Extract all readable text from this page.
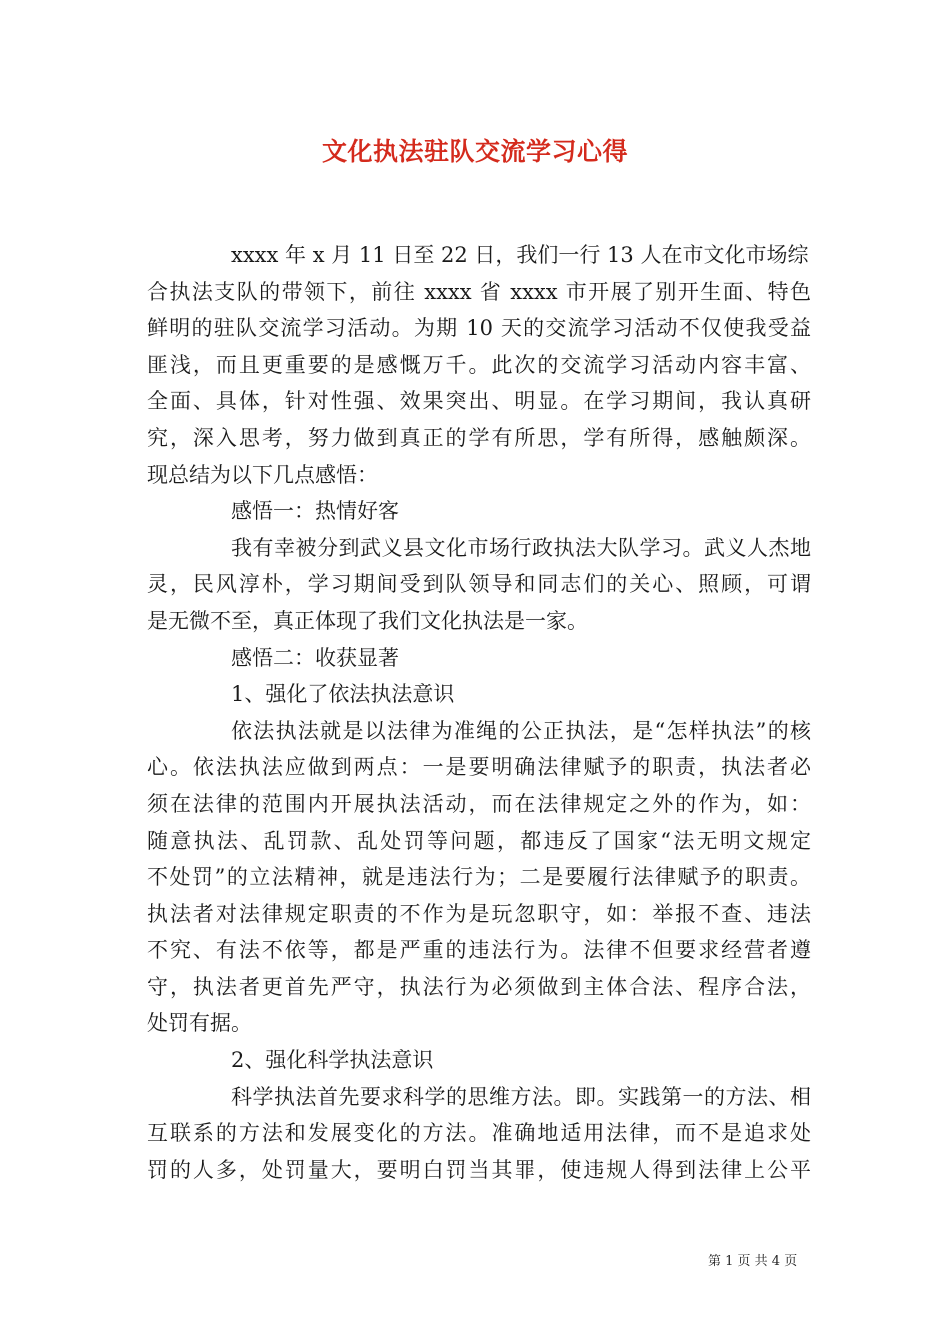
文化执法驻队交流学习心得
xxxx 年 x 月 11 日至 22 日，我们一行 13 人在市文化市场综
合执法支队的带领下，前往 xxxx 省 xxxx 市开展了别开生面、特色
鲜明的驻队交流学习活动。为期 10 天的交流学习活动不仅使我受益
匪浅，而且更重要的是感慨万千。此次的交流学习活动内容丰富、
全面、具体，针对性强、效果突出、明显。在学习期间，我认真研
究，深入思考，努力做到真正的学有所思，学有所得，感触颇深。
现总结为以下几点感悟：
感悟一：热情好客
我有幸被分到武义县文化市场行政执法大队学习。武义人杰地
灵，民风淳朴，学习期间受到队领导和同志们的关心、照顾，可谓
是无微不至，真正体现了我们文化执法是一家。
感悟二：收获显著
1、强化了依法执法意识
依法执法就是以法律为准绳的公正执法，是“怎样执法”的核
心。依法执法应做到两点：一是要明确法律赋予的职责，执法者必
须在法律的范围内开展执法活动，而在法律规定之外的作为，如：
随意执法、乱罚款、乱处罚等问题，都违反了国家“法无明文规定
不处罚”的立法精神，就是违法行为；二是要履行法律赋予的职责。
执法者对法律规定职责的不作为是玩忽职守，如：举报不查、违法
不究、有法不依等，都是严重的违法行为。法律不但要求经营者遵
守，执法者更首先严守，执法行为必须做到主体合法、程序合法，
处罚有据。
2、强化科学执法意识
科学执法首先要求科学的思维方法。即。实践第一的方法、相
互联系的方法和发展变化的方法。准确地适用法律，而不是追求处
罚的人多，处罚量大，要明白罚当其罪，使违规人得到法律上公平
第 1 页 共 4 页
